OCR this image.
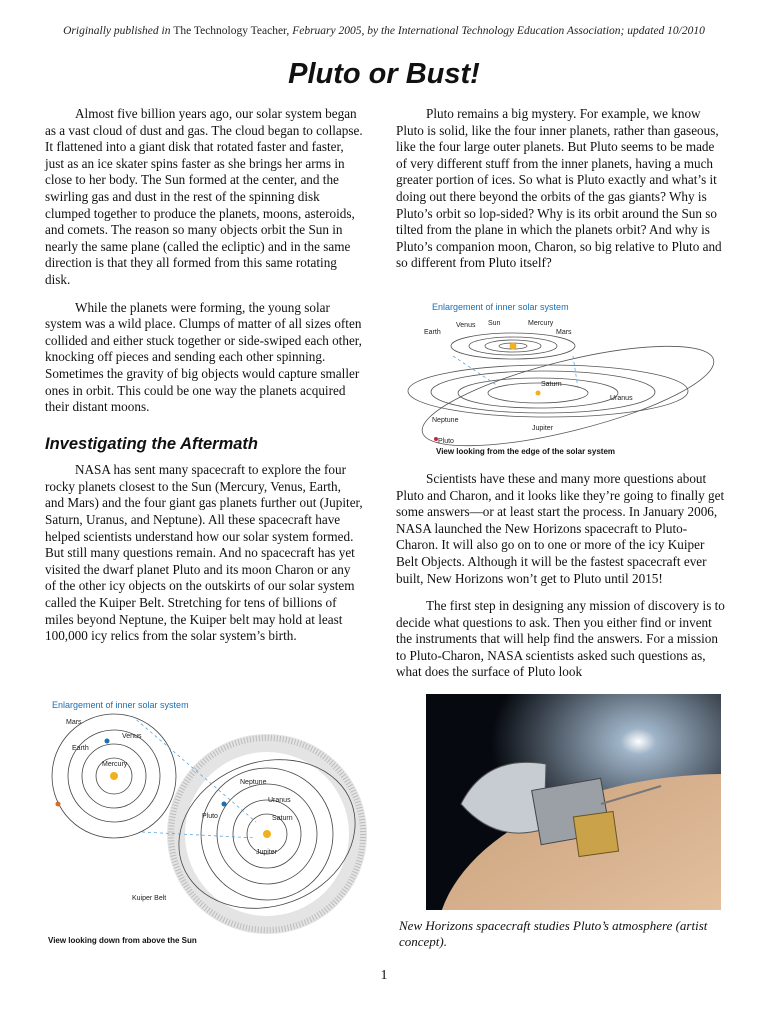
Originally published in The Technology Teacher, February 2005, by the International Technology Education Association; updated 10/2010
Pluto or Bust!

Almost five billion years ago, our solar system began as a vast cloud of dust and gas. The cloud began to collapse. It flattened into a giant disk that rotated faster and faster, just as an ice skater spins faster as she brings her arms in close to her body. The Sun formed at the center, and the swirling gas and dust in the rest of the spinning disk clumped together to produce the planets, moons, asteroids, and comets. The reason so many objects orbit the Sun in nearly the same plane (called the ecliptic) and in the same direction is that they all formed from this same rotating disk.

While the planets were forming, the young solar system was a wild place. Clumps of matter of all sizes often collided and either stuck together or side-swiped each other, knocking off pieces and sending each other spinning. Sometimes the gravity of big objects would capture smaller ones in orbit. This could be one way the planets acquired their distant moons.

Investigating the Aftermath

NASA has sent many spacecraft to explore the four rocky planets closest to the Sun (Mercury, Venus, Earth, and Mars) and the four giant gas planets further out (Jupiter, Saturn, Uranus, and Neptune). All these spacecraft have helped scientists understand how our solar system formed. But still many questions remain. And no spacecraft has yet visited the dwarf planet Pluto and its moon Charon or any of the other icy objects on the outskirts of our solar system called the Kuiper Belt. Stretching for tens of billions of miles beyond Neptune, the Kuiper belt may hold at least 100,000 icy relics from the solar system’s birth.

Pluto remains a big mystery. For example, we know Pluto is solid, like the four inner planets, rather than gaseous, like the four large outer planets. But Pluto seems to be made of very different stuff from the inner planets, having a much greater portion of ices. So what is Pluto exactly and what’s it doing out there beyond the orbits of the gas giants? Why is Pluto’s orbit so lop-sided? Why is its orbit around the Sun so tilted from the plane in which the planets orbit? And why is Pluto’s companion moon, Charon, so big relative to Pluto and so different from Pluto itself?

Scientists have these and many more questions about Pluto and Charon, and it looks like they’re going to finally get some answers—or at least start the process. In January 2006, NASA launched the New Horizons spacecraft to Pluto-Charon. It will also go on to one or more of the icy Kuiper Belt Objects. Although it will be the fastest spacecraft ever built, New Horizons won’t get to Pluto until 2015!

The first step in designing any mission of discovery is to decide what questions to ask. Then you either find or invent the instruments that will help find the answers. For a mission to Pluto-Charon, NASA scientists asked such questions as, what does the surface of Pluto look

Enlargement of inner solar system
Venus Sun	Mercury
Earth	Mars
Saturn
Uranus
Neptune
Jupiter
Pluto
View looking from the edge of the solar system
Enlargement of inner solar system
Mars
Earth
Venus
Mercury
Neptune
Uranus
Saturn
Jupiter
Pluto
Kuiper Belt
View looking down from above the Sun
New Horizons spacecraft studies Pluto’s atmosphere (artist concept).
1
